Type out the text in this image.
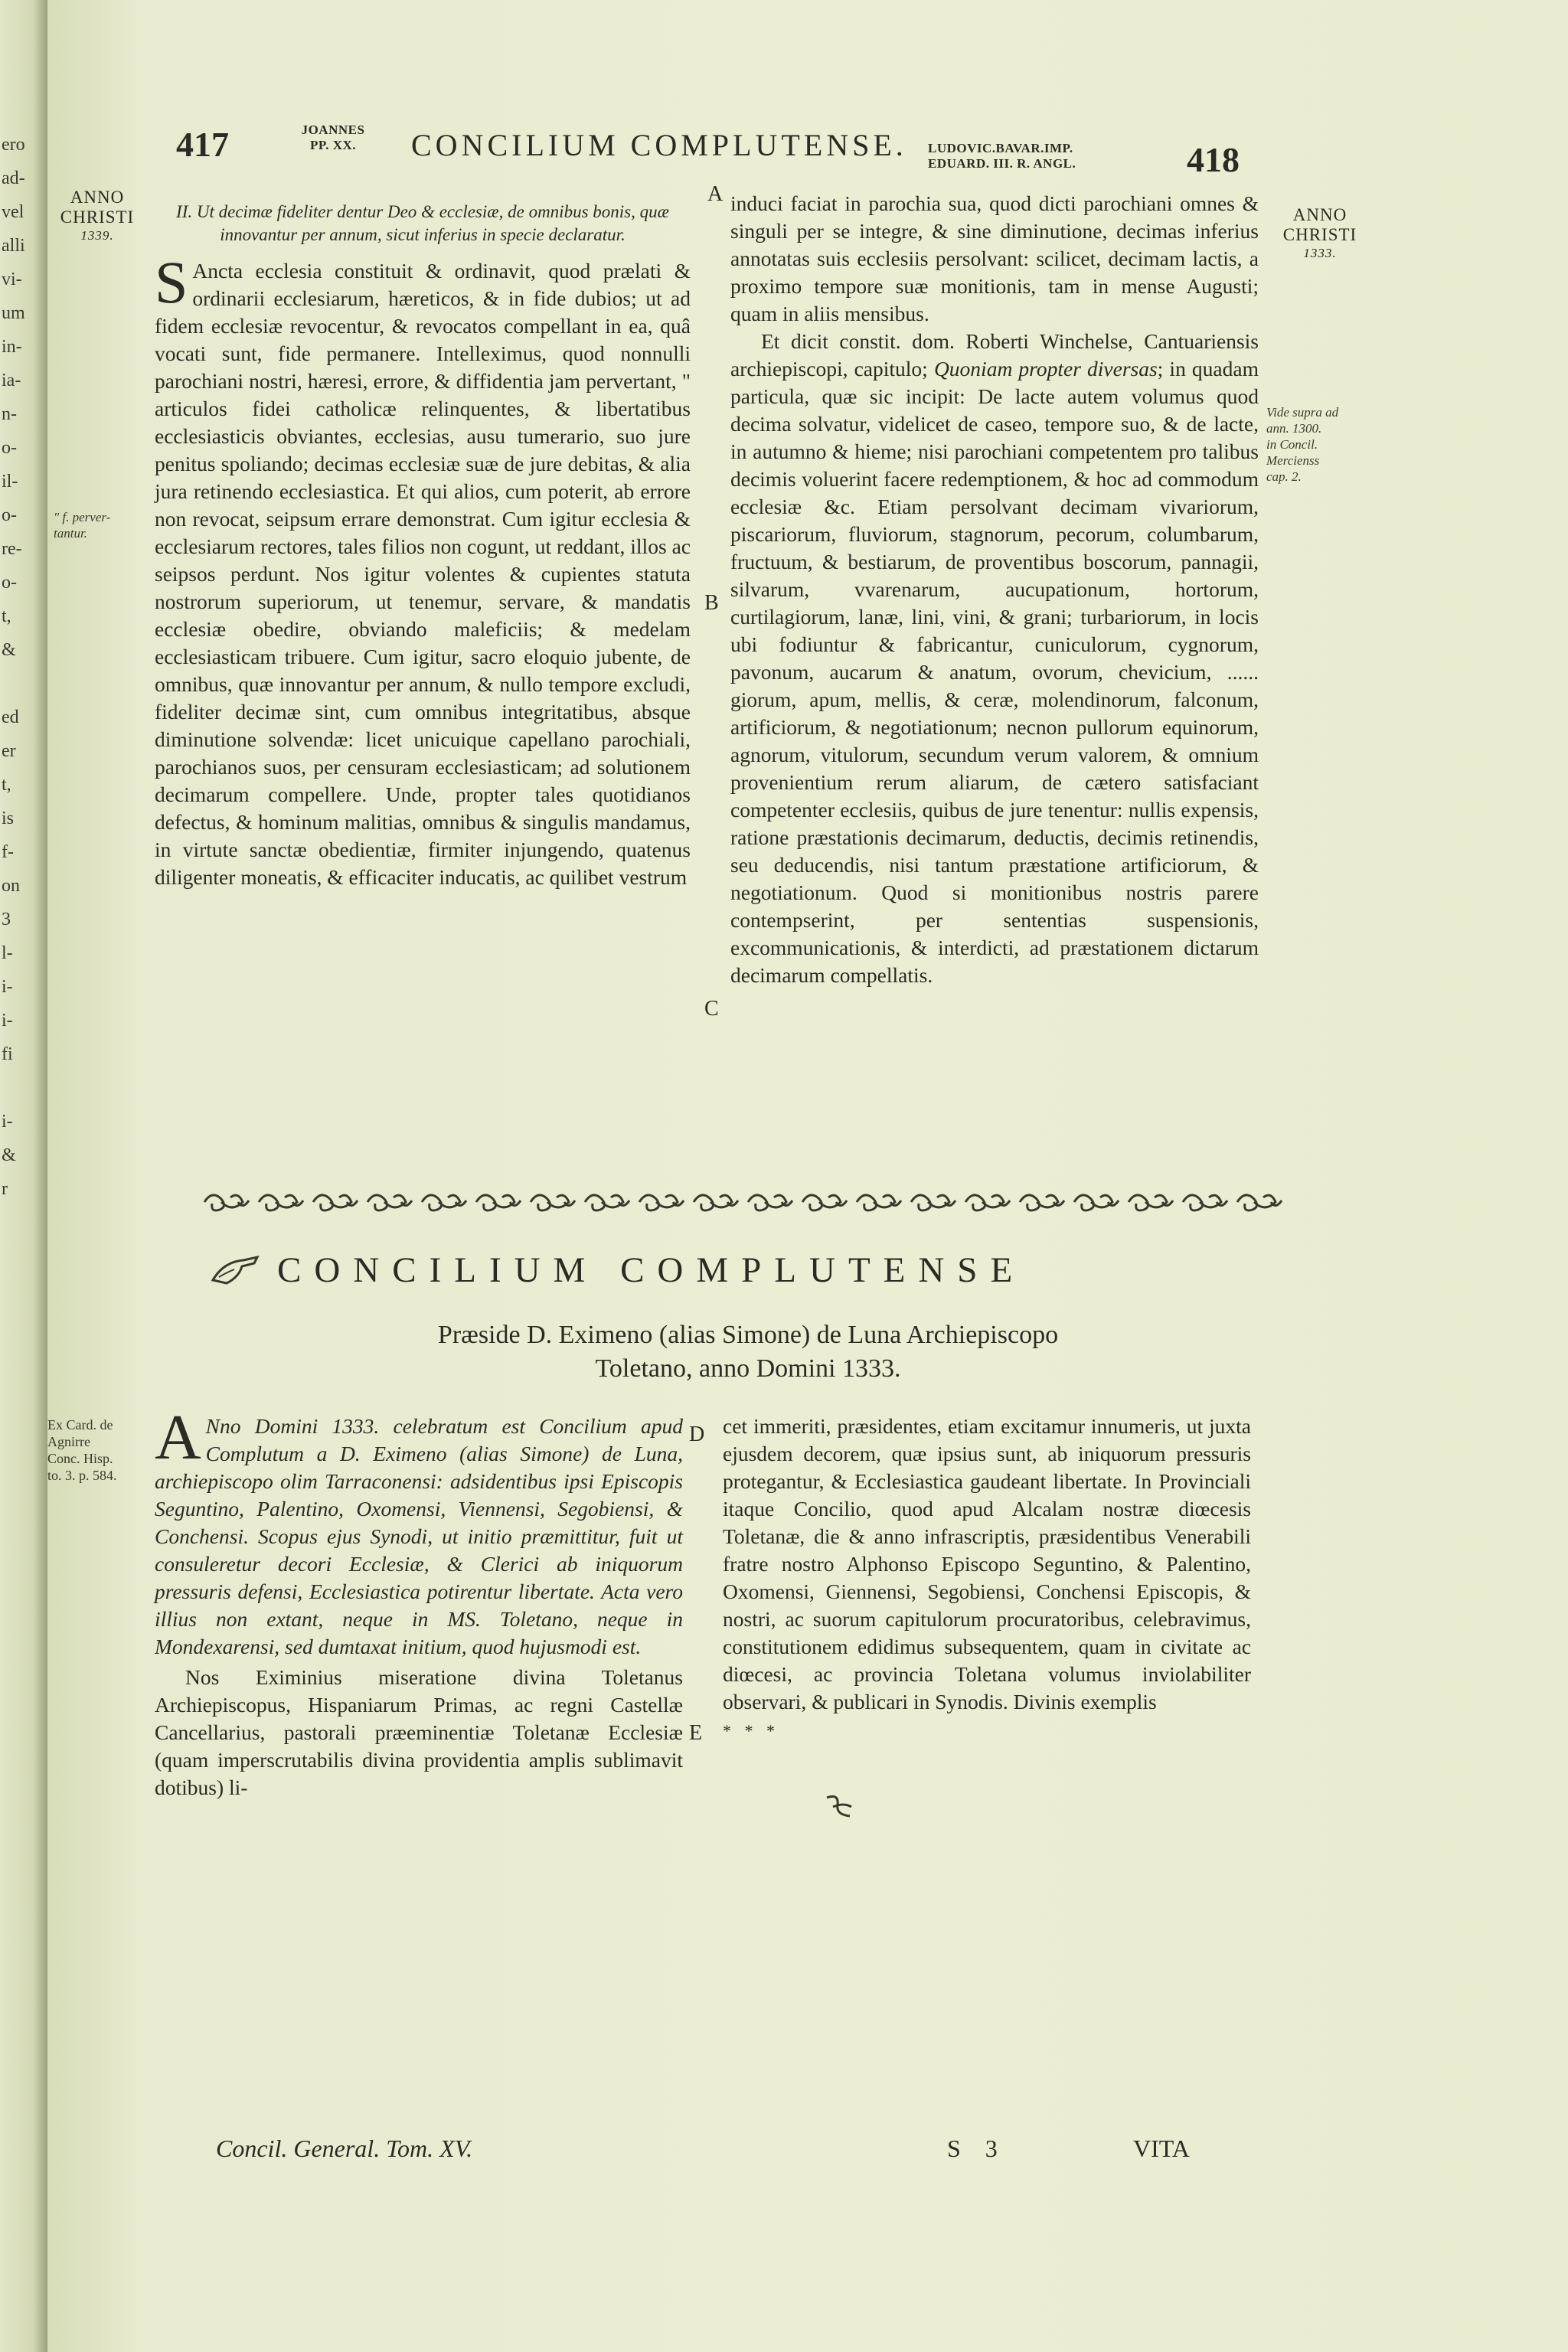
ero
ad-
vel
alli
vi-
um
in-
ia-
n-
o-
il-
o-
re-
o-
t,
&
ed
er
t,
is
f-
on
3
l-
i-
i-
fi
i-
&
r
417	JOANNES
PP. XX.	CONCILIUM COMPLUTENSE. LUDOVIC.BAVAR.IMP.
EDUARD. III. R. ANGL.	418
ANNO
CHRISTI
1339.
" f. perver-
tantur.
Ex Card. de
Agnirre
Conc. Hisp.
to. 3. p. 584.
ANNO
CHRISTI
1333.
Vide supra ad
ann. 1300.
in Concil.
Mercienss
cap. 2.
A
B
C
D
E

II. Ut decimæ fideliter dentur Deo & ecclesiæ, de omnibus bonis, quæ innovantur per annum, sicut inferius in specie declaratur.

S Ancta ecclesia constituit & ordinavit, quod prælati & ordinarii ecclesiarum, hæreticos, & in fide dubios; ut ad fidem ecclesiæ revocentur, & revocatos compellant in ea, quâ vocati sunt, fide permanere. Intelleximus, quod nonnulli parochiani nostri, hæresi, errore, & diffidentia jam pervertant, " articulos fidei catholicæ relinquentes, & libertatibus ecclesiasticis obviantes, ecclesias, ausu tumerario, suo jure penitus spoliando; decimas ecclesiæ suæ de jure debitas, & alia jura retinendo ecclesiastica. Et qui alios, cum poterit, ab errore non revocat, seipsum errare demonstrat. Cum igitur ecclesia & ecclesiarum rectores, tales filios non cogunt, ut reddant, illos ac seipsos perdunt. Nos igitur volentes & cupientes statuta nostrorum superiorum, ut tenemur, servare, & mandatis ecclesiæ obedire, obviando maleficiis; & medelam ecclesiasticam tribuere. Cum igitur, sacro eloquio jubente, de omnibus, quæ innovantur per annum, & nullo tempore excludi, fideliter decimæ sint, cum omnibus integritatibus, absque diminutione solvendæ: licet unicuique capellano parochiali, parochianos suos, per censuram ecclesiasticam; ad solutionem decimarum compellere. Unde, propter tales quotidianos defectus, & hominum malitias, omnibus & singulis mandamus, in virtute sanctæ obedientiæ, firmiter injungendo, quatenus diligenter moneatis, & efficaciter inducatis, ac quilibet vestrum

induci faciat in parochia sua, quod dicti parochiani omnes & singuli per se integre, & sine diminutione, decimas inferius annotatas suis ecclesiis persolvant: scilicet, decimam lactis, a proximo tempore suæ monitionis, tam in mense Augusti; quam in aliis mensibus.

Et dicit constit. dom. Roberti Winchelse, Cantuariensis archiepiscopi, capitulo; Quoniam propter diversas; in quadam particula, quæ sic incipit: De lacte autem volumus quod decima solvatur, videlicet de caseo, tempore suo, & de lacte, in autumno & hieme; nisi parochiani competentem pro talibus decimis voluerint facere redemptionem, & hoc ad commodum ecclesiæ &c. Etiam persolvant decimam vivariorum, piscariorum, fluviorum, stagnorum, pecorum, columbarum, fructuum, & bestiarum, de proventibus boscorum, pannagii, silvarum, vvarenarum, aucupationum, hortorum, curtilagiorum, lanæ, lini, vini, & grani; turbariorum, in locis ubi fodiuntur & fabricantur, cuniculorum, cygnorum, pavonum, aucarum & anatum, ovorum, chevicium, ...... giorum, apum, mellis, & ceræ, molendinorum, falconum, artificiorum, & negotiationum; necnon pullorum equinorum, agnorum, vitulorum, secundum verum valorem, & omnium provenientium rerum aliarum, de cætero satisfaciant competenter ecclesiis, quibus de jure tenentur: nullis expensis, ratione præstationis decimarum, deductis, decimis retinendis, seu deducendis, nisi tantum præstatione artificiorum, & negotiationum. Quod si monitionibus nostris parere contempserint, per sententias suspensionis, excommunicationis, & interdicti, ad præstationem dictarum decimarum compellatis.

CONCILIUM COMPLUTENSE
Præside D. Eximeno (alias Simone) de Luna Archiepiscopo
Toletano, anno Domini 1333.

A Nno Domini 1333. celebratum est Concilium apud Complutum a D. Eximeno (alias Simone) de Luna, archiepiscopo olim Tarraconensi: adsidentibus ipsi Episcopis Seguntino, Palentino, Oxomensi, Viennensi, Segobiensi, & Conchensi. Scopus ejus Synodi, ut initio præmittitur, fuit ut consuleretur decori Ecclesiæ, & Clerici ab iniquorum pressuris defensi, Ecclesiastica potirentur libertate. Acta vero illius non extant, neque in MS. Toletano, neque in Mondexarensi, sed dumtaxat initium, quod hujusmodi est.

Nos Eximinius miseratione divina Toletanus Archiepiscopus, Hispaniarum Primas, ac regni Castellæ Cancellarius, pastorali præeminentiæ Toletanæ Ecclesiæ (quam imperscrutabilis divina providentia amplis sublimavit dotibus) li-

cet immeriti, præsidentes, etiam excitamur innumeris, ut juxta ejusdem decorem, quæ ipsius sunt, ab iniquorum pressuris protegantur, & Ecclesiastica gaudeant libertate. In Provinciali itaque Concilio, quod apud Alcalam nostræ diœcesis Toletanæ, die & anno infrascriptis, præsidentibus Venerabili fratre nostro Alphonso Episcopo Seguntino, & Palentino, Oxomensi, Giennensi, Segobiensi, Conchensi Episcopis, & nostri, ac suorum capitulorum procuratoribus, celebravimus, constitutionem edidimus subsequentem, quam in civitate ac diœcesi, ac provincia Toletana volumus inviolabiliter observari, & publicari in Synodis. Divinis exemplis

* * *
Concil. General. Tom. XV.	S 3	VITA
